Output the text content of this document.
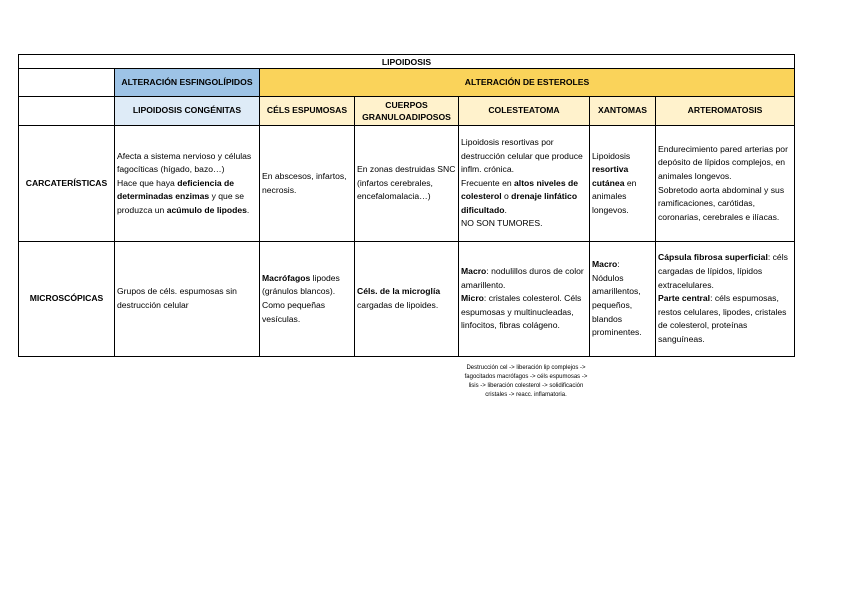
LIPOIDOSIS						
	ALTERACIÓN ESFINGOLÍPIDOS	ALTERACIÓN DE ESTEROLES				
	LIPOIDOSIS CONGÉNITAS	CÉLS ESPUMOSAS	CUERPOS GRANULOADIPOSOS	COLESTEATOMA	XANTOMAS	ARTEROMATOSIS
CARCATERÍSTICAS	Afecta a sistema nervioso y células fagocíticas (hígado, bazo…)
Hace que haya deficiencia de determinadas enzimas y que se produzca un acúmulo de lipodes.	En abscesos, infartos, necrosis.	En zonas destruidas SNC (infartos cerebrales, encefalomalacia…)	Lipoidosis resortivas por destrucción celular que produce inflm. crónica.
Frecuente en altos niveles de colesterol o drenaje linfático dificultado.
NO SON TUMORES.	Lipoidosis resortiva cutánea en animales longevos.	Endurecimiento pared arterias por depósito de lípidos complejos, en animales longevos.
Sobretodo aorta abdominal y sus ramificaciones, carótidas, coronarias, cerebrales e ilíacas.
MICROSCÓPICAS	Grupos de céls. espumosas sin destrucción celular	Macrófagos lipodes (gránulos blancos). Como pequeñas vesículas.	Céls. de la microglía cargadas de lipoides.	Macro: nodulillos duros de color amarillento.
Micro: cristales colesterol. Céls espumosas y multinucleadas, linfocitos, fibras colágeno.	Macro: Nódulos amarillentos, pequeños, blandos prominentes.	Cápsula fibrosa superficial: céls cargadas de lípidos, lípidos extracelulares.
Parte central: céls espumosas, restos celulares, lipodes, cristales de colesterol, proteínas sanguíneas.
Destrucción cel -> liberación lip complejos -> fagocitados macrófagos -> céls espumosas -> lisis -> liberación colesterol -> solidificación cristales -> reacc. inflamatoria.
